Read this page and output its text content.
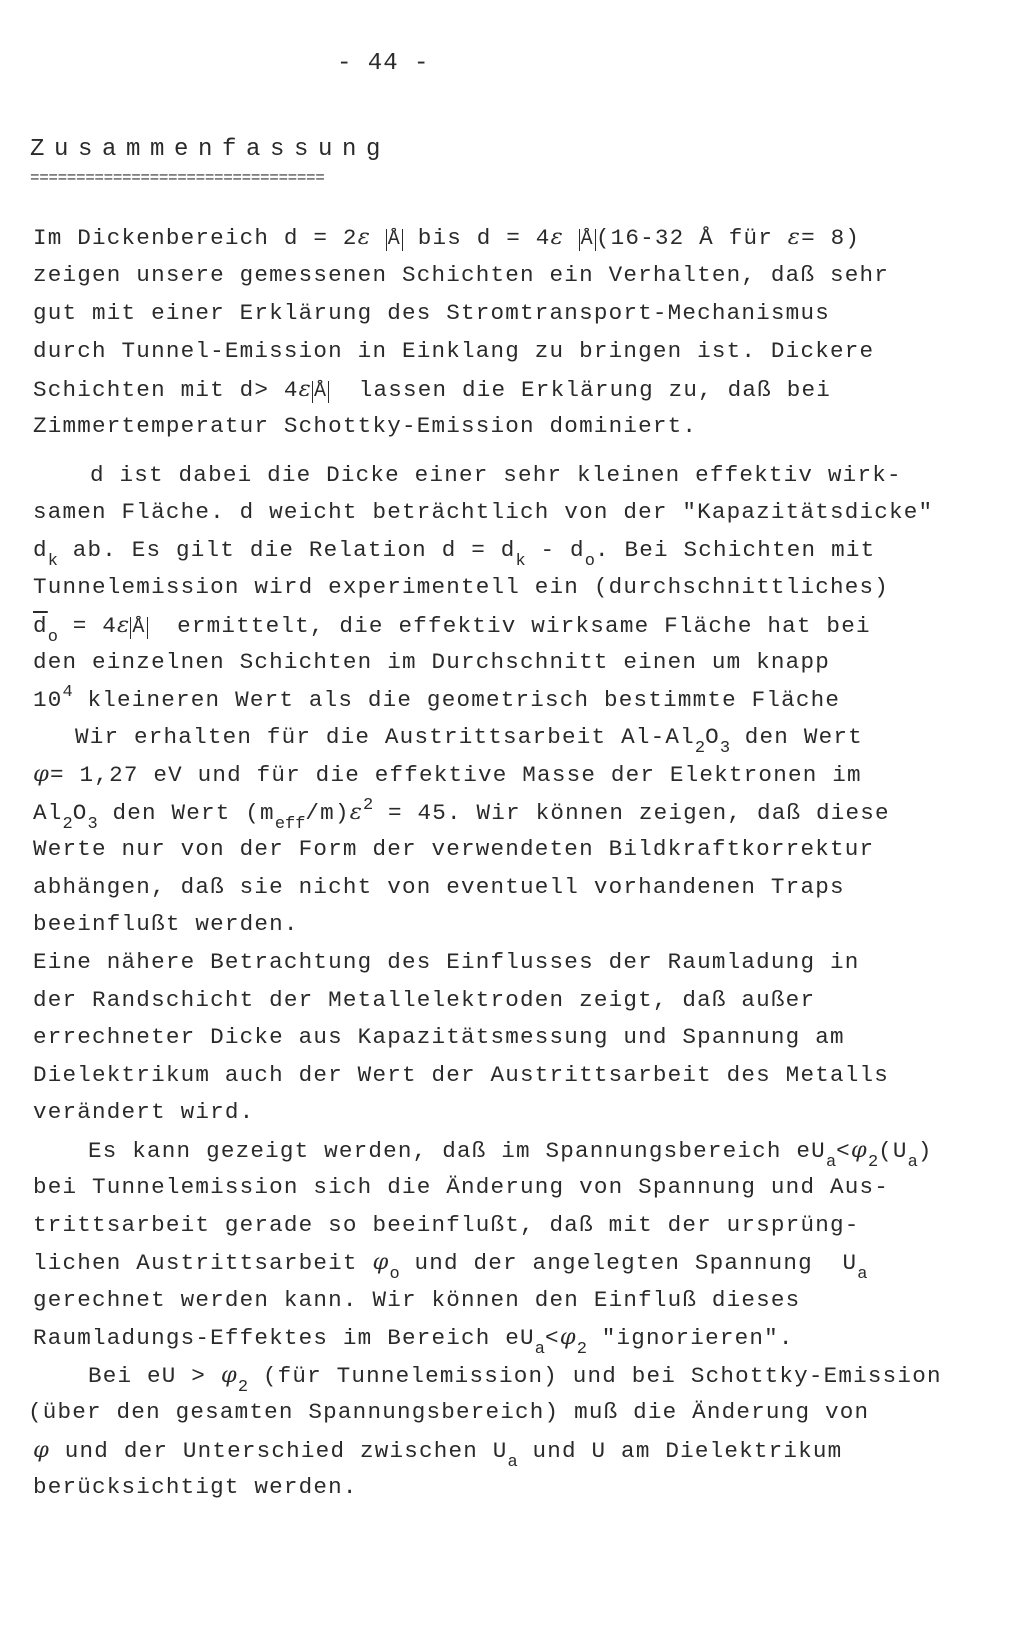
- 44 -
Zusammenfassung
================================
Im Dickenbereich d = 2ε Å bis d = 4ε Å(16-32 Å für ε= 8)
zeigen unsere gemessenen Schichten ein Verhalten, daß sehr
gut mit einer Erklärung des Stromtransport-Mechanismus
durch Tunnel-Emission in Einklang zu bringen ist. Dickere
Schichten mit d> 4ε Å  lassen die Erklärung zu, daß bei
Zimmertemperatur Schottky-Emission dominiert.
d ist dabei die Dicke einer sehr kleinen effektiv wirk-
samen Fläche. d weicht beträchtlich von der "Kapazitätsdicke"
$d_k$ ab. Es gilt die Relation $d = d_k - d_o$. Bei Schichten mit
Tunnelemission wird experimentell ein (durchschnittliches)
$\overline{d}_o = 4\varepsilon$ Å  ermittelt, die effektiv wirksame Fläche hat bei
den einzelnen Schichten im Durchschnitt einen um knapp
$10^4$ kleineren Wert als die geometrisch bestimmte Fläche
Wir erhalten für die Austrittsarbeit $Al-Al_2O_3$ den Wert
φ= 1,27 eV und für die effektive Masse der Elektronen im
$Al_2O_3$ den Wert $(m_{eff}/m)\varepsilon^2 = 45$. Wir können zeigen, daß diese
Werte nur von der Form der verwendeten Bildkraftkorrektur
abhängen, daß sie nicht von eventuell vorhandenen Traps
beeinflußt werden.
Eine nähere Betrachtung des Einflusses der Raumladung in
der Randschicht der Metallelektroden zeigt, daß außer
errechneter Dicke aus Kapazitätsmessung und Spannung am
Dielektrikum auch der Wert der Austrittsarbeit des Metalls
verändert wird.
Es kann gezeigt werden, daß im Spannungsbereich $eU_a<\varphi_2(U_a)$
bei Tunnelemission sich die Änderung von Spannung und Aus-
trittsarbeit gerade so beeinflußt, daß mit der ursprüng-
lichen Austrittsarbeit $\varphi_o$ und der angelegten Spannung  $U_a$
gerechnet werden kann. Wir können den Einfluß dieses
Raumladungs-Effektes im Bereich $eU_a<\varphi_2$ "ignorieren".
Bei eU > $\varphi_2$ (für Tunnelemission) und bei Schottky-Emission
(über den gesamten Spannungsbereich) muß die Änderung von
φ und der Unterschied zwischen $U_a$ und U am Dielektrikum
berücksichtigt werden.
